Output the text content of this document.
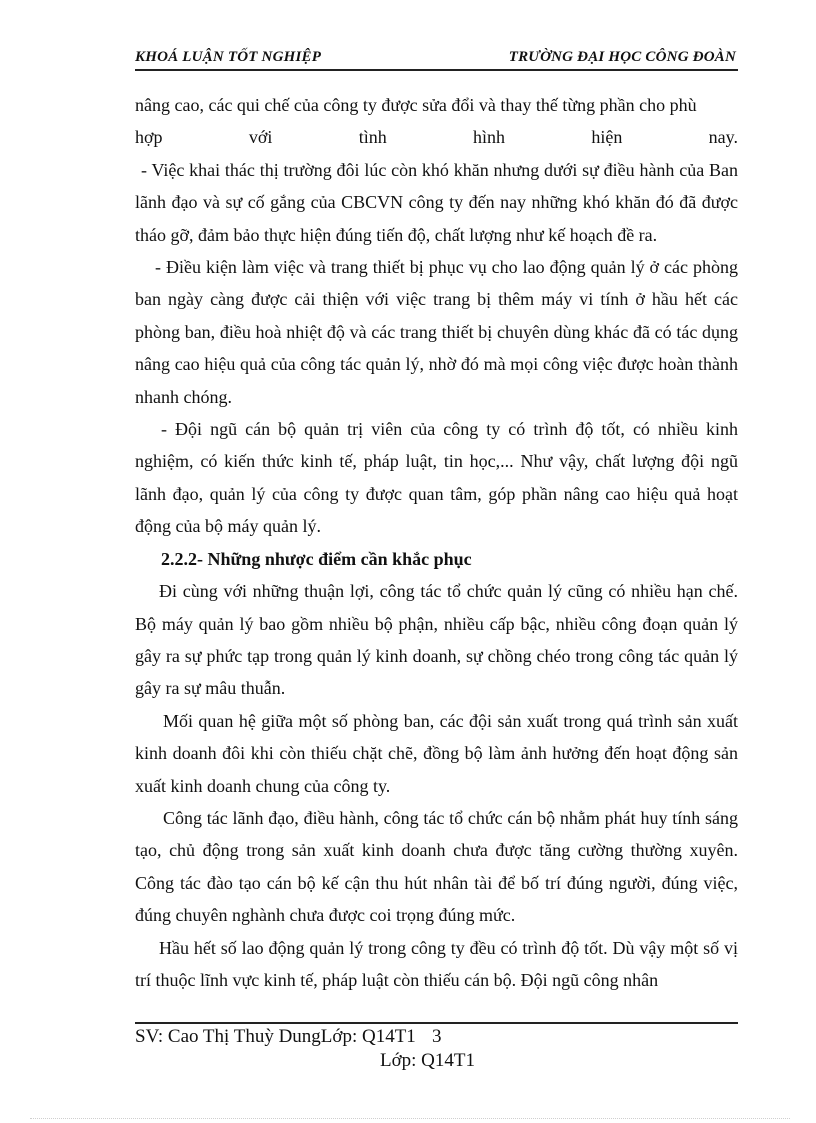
KHOÁ LUẬN TỐT NGHIỆP	TRƯỜNG ĐẠI HỌC CÔNG ĐOÀN
nâng cao, các qui chế của công ty được sửa đổi và thay thế từng phần cho phù
hợp	với	tình	hình	hiện	nay.

- Việc khai thác thị trường đôi lúc còn khó khăn nhưng dưới sự điều hành của Ban lãnh đạo và sự cố gắng của CBCVN công ty đến nay những khó khăn đó đã được tháo gỡ, đảm bảo thực hiện đúng tiến độ, chất lượng như kế hoạch đề ra.

- Điều kiện làm việc và trang thiết bị phục vụ cho lao động quản lý ở các phòng ban ngày càng được cải thiện với việc trang bị thêm máy vi tính ở hầu hết các phòng ban, điều hoà nhiệt độ và các trang thiết bị chuyên dùng khác đã có tác dụng nâng cao hiệu quả của công tác quản lý, nhờ đó mà mọi công việc được hoàn thành nhanh chóng.

- Đội ngũ cán bộ quản trị viên của công ty có trình độ tốt, có nhiều kinh nghiệm, có kiến thức kinh tế, pháp luật, tin học,... Như vậy, chất lượng đội ngũ lãnh đạo, quản lý của công ty được quan tâm, góp phần nâng cao hiệu quả hoạt động của bộ máy quản lý.

2.2.2- Những nhược điểm cần khắc phục

Đi cùng với những thuận lợi, công tác tổ chức quản lý cũng có nhiều hạn chế. Bộ máy quản lý bao gồm nhiều bộ phận, nhiều cấp bậc, nhiều công đoạn quản lý gây ra sự phức tạp trong quản lý kinh doanh, sự chồng chéo trong công tác quản lý gây ra sự mâu thuẫn.

Mối quan hệ giữa một số phòng ban, các đội sản xuất trong quá trình sản xuất kinh doanh đôi khi còn thiếu chặt chẽ, đồng bộ làm ảnh hưởng đến hoạt động sản xuất kinh doanh chung của công ty.

Công tác lãnh đạo, điều hành, công tác tổ chức cán bộ nhằm phát huy tính sáng tạo, chủ động trong sản xuất kinh doanh chưa được tăng cường thường xuyên. Công tác đào tạo cán bộ kế cận thu hút nhân tài để bố trí đúng người, đúng việc, đúng chuyên nghành chưa được coi trọng đúng mức.

Hầu hết số lao động quản lý trong công ty đều có trình độ tốt. Dù vậy một số vị trí thuộc lĩnh vực kinh tế, pháp luật còn thiếu cán bộ. Đội ngũ công nhân

SV: Cao Thị Thuỳ DungLớp: Q14T1 3
Lớp: Q14T1
